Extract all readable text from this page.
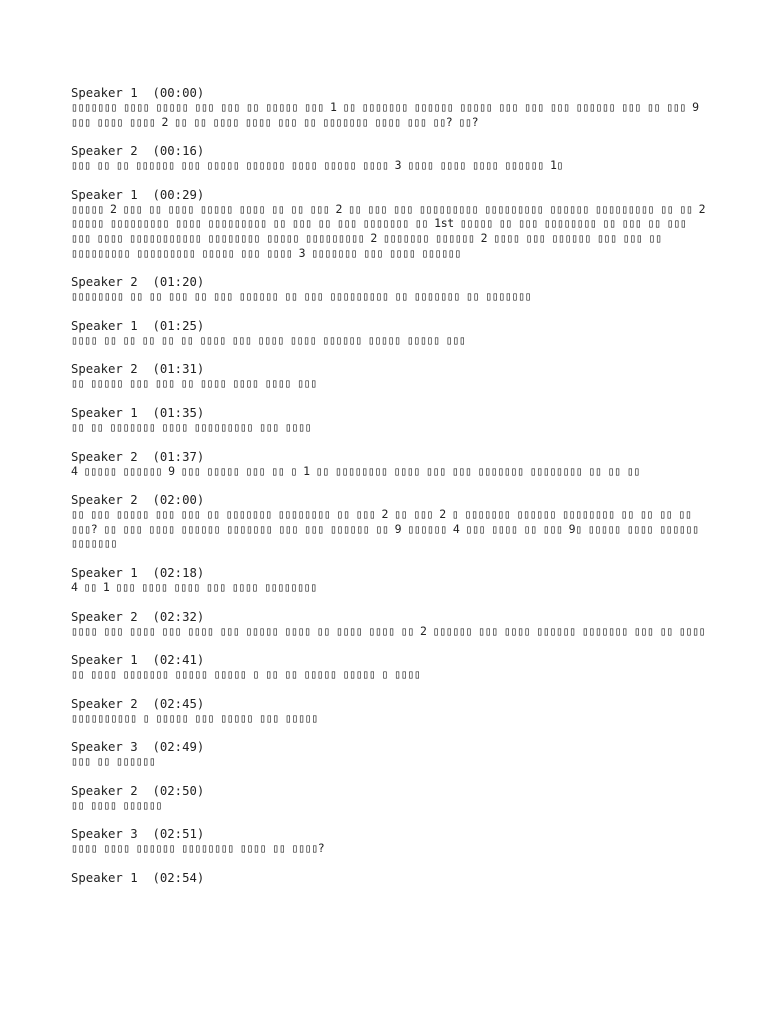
Speaker 1 (00:00)
▯▯▯▯▯▯▯ ▯▯▯▯ ▯▯▯▯▯ ▯▯▯ ▯▯▯ ▯▯ ▯▯▯▯▯ ▯▯▯ 1 ▯▯ ▯▯▯▯▯▯▯ ▯▯▯▯▯▯ ▯▯▯▯▯ ▯▯▯ ▯▯▯ ▯▯▯ ▯▯▯▯▯▯ ▯▯▯ ▯▯ ▯▯▯ 9 ▯▯▯ ▯▯▯▯ ▯▯▯▯ 2 ▯▯ ▯▯ ▯▯▯▯ ▯▯▯▯ ▯▯▯ ▯▯ ▯▯▯▯▯▯▯ ▯▯▯▯ ▯▯▯ ▯▯? ▯▯?
Speaker 2 (00:16)
▯▯▯ ▯▯ ▯▯ ▯▯▯▯▯▯ ▯▯▯ ▯▯▯▯▯ ▯▯▯▯▯▯ ▯▯▯▯ ▯▯▯▯▯ ▯▯▯▯ 3 ▯▯▯▯ ▯▯▯▯ ▯▯▯▯ ▯▯▯▯▯▯ 1▯
Speaker 1 (00:29)
▯▯▯▯▯ 2 ▯▯▯ ▯▯ ▯▯▯▯ ▯▯▯▯▯ ▯▯▯▯ ▯▯ ▯▯ ▯▯▯ 2 ▯▯ ▯▯▯ ▯▯▯ ▯▯▯▯▯▯▯▯▯ ▯▯▯▯▯▯▯▯▯ ▯▯▯▯▯▯ ▯▯▯▯▯▯▯▯▯ ▯▯ ▯▯ 2 ▯▯▯▯▯ ▯▯▯▯▯▯▯▯▯ ▯▯▯▯ ▯▯▯▯▯▯▯▯▯ ▯▯ ▯▯▯ ▯▯ ▯▯▯ ▯▯▯▯▯▯▯ ▯▯ 1st ▯▯▯▯▯ ▯▯ ▯▯▯ ▯▯▯▯▯▯▯▯ ▯▯ ▯▯▯ ▯▯ ▯▯▯ ▯▯▯ ▯▯▯▯ ▯▯▯▯▯▯▯▯▯▯▯ ▯▯▯▯▯▯▯▯ ▯▯▯▯▯ ▯▯▯▯▯▯▯▯▯ 2 ▯▯▯▯▯▯▯ ▯▯▯▯▯▯ 2 ▯▯▯▯ ▯▯▯ ▯▯▯▯▯▯ ▯▯▯ ▯▯▯ ▯▯ ▯▯▯▯▯▯▯▯▯ ▯▯▯▯▯▯▯▯▯ ▯▯▯▯▯ ▯▯▯ ▯▯▯▯ 3 ▯▯▯▯▯▯▯ ▯▯▯ ▯▯▯▯ ▯▯▯▯▯▯
Speaker 2 (01:20)
▯▯▯▯▯▯▯▯ ▯▯ ▯▯ ▯▯▯ ▯▯ ▯▯▯ ▯▯▯▯▯▯ ▯▯ ▯▯▯ ▯▯▯▯▯▯▯▯▯ ▯▯ ▯▯▯▯▯▯▯ ▯▯ ▯▯▯▯▯▯▯
Speaker 1 (01:25)
▯▯▯▯ ▯▯ ▯▯ ▯▯ ▯▯ ▯▯ ▯▯▯▯ ▯▯▯ ▯▯▯▯ ▯▯▯▯ ▯▯▯▯▯▯ ▯▯▯▯▯ ▯▯▯▯▯ ▯▯▯
Speaker 2 (01:31)
▯▯ ▯▯▯▯▯ ▯▯▯ ▯▯▯ ▯▯ ▯▯▯▯ ▯▯▯▯ ▯▯▯▯ ▯▯▯
Speaker 1 (01:35)
▯▯ ▯▯ ▯▯▯▯▯▯▯ ▯▯▯▯ ▯▯▯▯▯▯▯▯▯ ▯▯▯ ▯▯▯▯
Speaker 2 (01:37)
4 ▯▯▯▯▯ ▯▯▯▯▯▯ 9 ▯▯▯ ▯▯▯▯▯ ▯▯▯ ▯▯ ▯ 1 ▯▯ ▯▯▯▯▯▯▯▯ ▯▯▯▯ ▯▯▯ ▯▯▯ ▯▯▯▯▯▯▯ ▯▯▯▯▯▯▯▯ ▯▯ ▯▯ ▯▯
Speaker 2 (02:00)
▯▯ ▯▯▯ ▯▯▯▯▯ ▯▯▯ ▯▯▯ ▯▯ ▯▯▯▯▯▯▯ ▯▯▯▯▯▯▯▯ ▯▯ ▯▯▯ 2 ▯▯ ▯▯▯ 2 ▯ ▯▯▯▯▯▯▯ ▯▯▯▯▯▯ ▯▯▯▯▯▯▯▯ ▯▯ ▯▯ ▯▯ ▯▯ ▯▯▯? ▯▯ ▯▯▯ ▯▯▯▯ ▯▯▯▯▯▯ ▯▯▯▯▯▯▯ ▯▯▯ ▯▯▯ ▯▯▯▯▯▯ ▯▯ 9 ▯▯▯▯▯▯ 4 ▯▯▯ ▯▯▯▯ ▯▯ ▯▯▯ 9▯ ▯▯▯▯▯ ▯▯▯▯ ▯▯▯▯▯▯ ▯▯▯▯▯▯▯
Speaker 1 (02:18)
4 ▯▯ 1 ▯▯▯ ▯▯▯▯ ▯▯▯▯ ▯▯▯ ▯▯▯▯ ▯▯▯▯▯▯▯▯
Speaker 2 (02:32)
▯▯▯▯ ▯▯▯ ▯▯▯▯ ▯▯▯ ▯▯▯▯ ▯▯▯ ▯▯▯▯▯ ▯▯▯▯ ▯▯ ▯▯▯▯ ▯▯▯▯ ▯▯ 2 ▯▯▯▯▯▯ ▯▯▯ ▯▯▯▯ ▯▯▯▯▯▯ ▯▯▯▯▯▯▯ ▯▯▯ ▯▯ ▯▯▯▯
Speaker 1 (02:41)
▯▯ ▯▯▯▯ ▯▯▯▯▯▯▯ ▯▯▯▯▯ ▯▯▯▯▯ ▯ ▯▯ ▯▯ ▯▯▯▯▯ ▯▯▯▯▯ ▯ ▯▯▯▯
Speaker 2 (02:45)
▯▯▯▯▯▯▯▯▯▯ ▯ ▯▯▯▯▯ ▯▯▯ ▯▯▯▯▯ ▯▯▯ ▯▯▯▯▯
Speaker 3 (02:49)
▯▯▯ ▯▯ ▯▯▯▯▯▯
Speaker 2 (02:50)
▯▯ ▯▯▯▯ ▯▯▯▯▯▯
Speaker 3 (02:51)
▯▯▯▯ ▯▯▯▯ ▯▯▯▯▯▯ ▯▯▯▯▯▯▯▯ ▯▯▯▯ ▯▯ ▯▯▯▯?
Speaker 1 (02:54)
